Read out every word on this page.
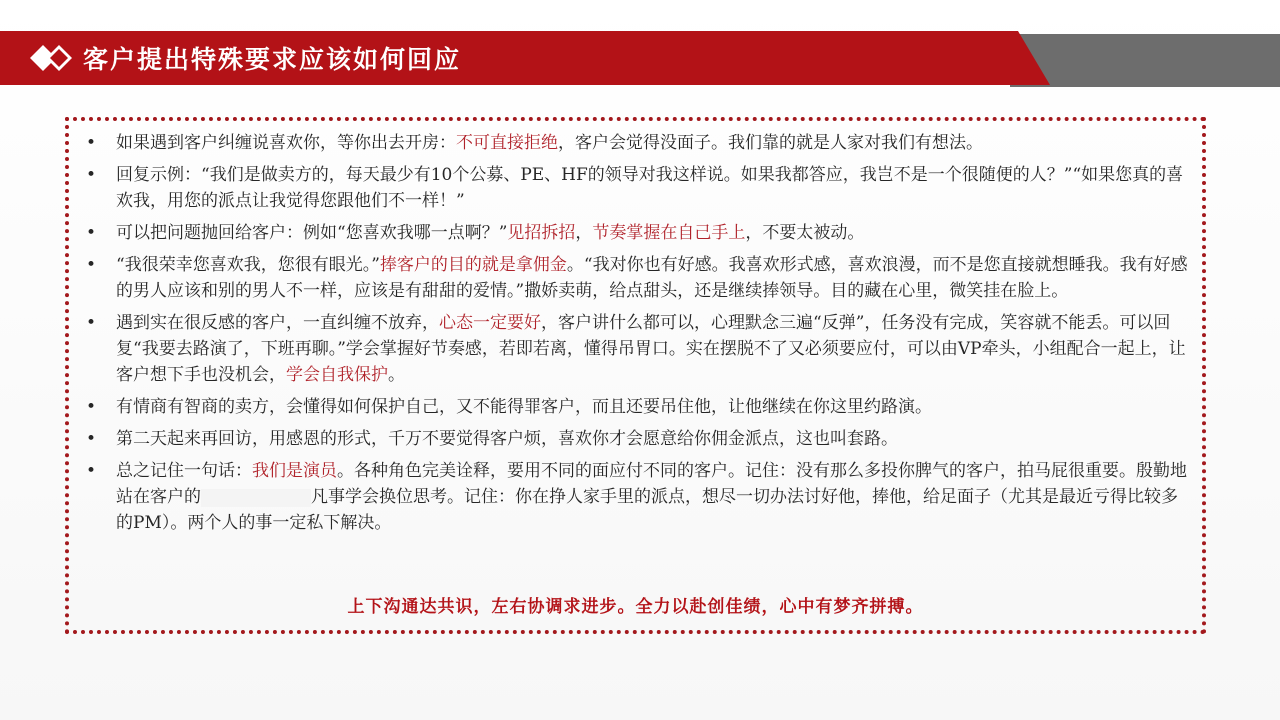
客户提出特殊要求应该如何回应
• 如果遇到客户纠缠说喜欢你，等你出去开房：不可直接拒绝，客户会觉得没面子。我们靠的就是人家对我们有想法。
• 回复示例：“我们是做卖方的，每天最少有10个公募、PE、HF的领导对我这样说。如果我都答应，我岂不是一个很随便的人？”“如果您真的喜欢我，用您的派点让我觉得您跟他们不一样！”
• 可以把问题抛回给客户：例如“您喜欢我哪一点啊？”见招拆招，节奏掌握在自己手上，不要太被动。
• “我很荣幸您喜欢我，您很有眼光。”捧客户的目的就是拿佣金。“我对你也有好感。我喜欢形式感，喜欢浪漫，而不是您直接就想睡我。我有好感的男人应该和别的男人不一样，应该是有甜甜的爱情。”撒娇卖萌，给点甜头，还是继续捧领导。目的藏在心里，微笑挂在脸上。
• 遇到实在很反感的客户，一直纠缠不放弃，心态一定要好，客户讲什么都可以，心理默念三遍“反弹”，任务没有完成，笑容就不能丢。可以回复“我要去路演了，下班再聊。”学会掌握好节奏感，若即若离，懂得吊胃口。实在摆脱不了又必须要应付，可以由VP牵头，小组配合一起上，让客户想下手也没机会，学会自我保护。
• 有情商有智商的卖方，会懂得如何保护自己，又不能得罪客户，而且还要吊住他，让他继续在你这里约路演。
• 第二天起来再回访，用感恩的形式，千万不要觉得客户烦，喜欢你才会愿意给你佣金派点，这也叫套路。
• 总之记住一句话：我们是演员。各种角色完美诠释，要用不同的面应付不同的客户。记住：没有那么多投你脾气的客户，拍马屁很重要。殷勤地站在客户的	凡事学会换位思考。记住：你在挣人家手里的派点，想尽一切办法讨好他，捧他，给足面子（尤其是最近亏得比较多的PM）。两个人的事一定私下解决。
上下沟通达共识，左右协调求进步。全力以赴创佳绩，心中有梦齐拼搏。
